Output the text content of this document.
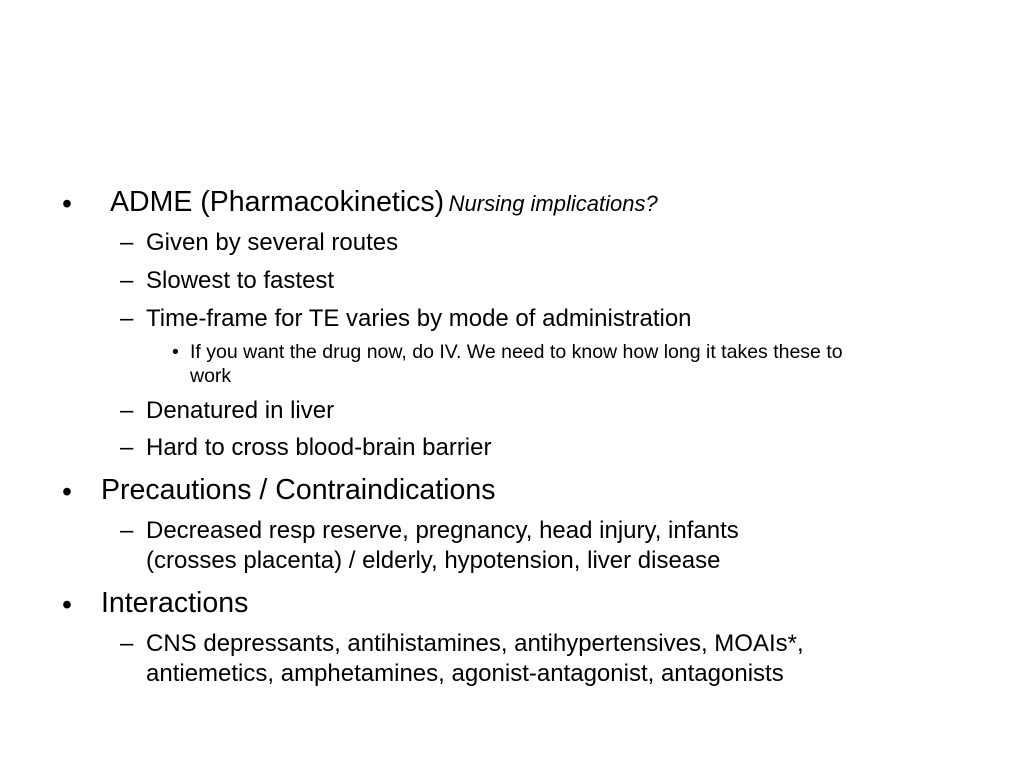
• ADME (Pharmacokinetics) Nursing implications?
– Given by several routes
– Slowest to fastest
– Time-frame for TE varies by mode of administration
• If you want the drug now, do IV. We need to know how long it takes these to
work
– Denatured in liver
– Hard to cross blood-brain barrier
• Precautions / Contraindications
– Decreased resp reserve, pregnancy, head injury, infants
(crosses placenta) / elderly, hypotension, liver disease
• Interactions
– CNS depressants, antihistamines, antihypertensives, MOAIs*,
antiemetics, amphetamines, agonist-antagonist, antagonists
